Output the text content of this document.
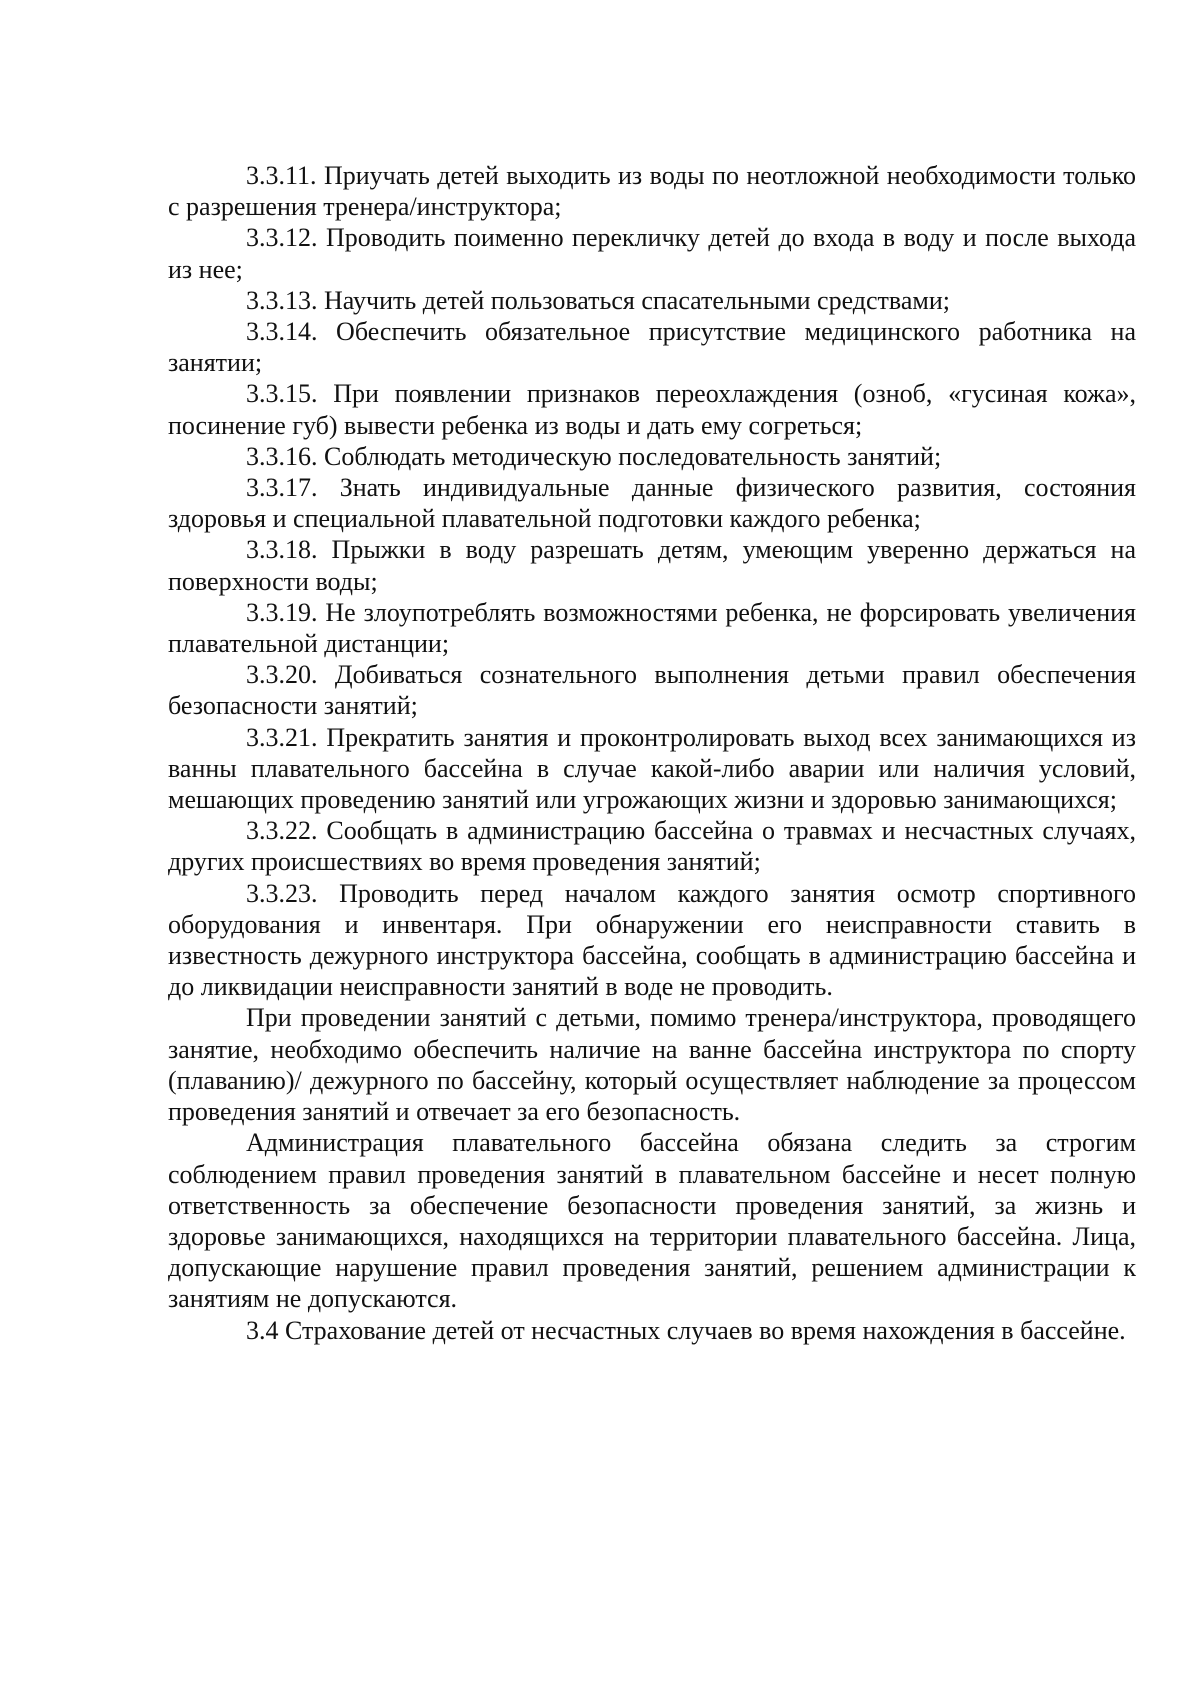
3.3.11. Приучать детей выходить из воды по неотложной необходимости только с разрешения тренера/инструктора;

3.3.12. Проводить поименно перекличку детей до входа в воду и после выхода из нее;

3.3.13. Научить детей пользоваться спасательными средствами;

3.3.14. Обеспечить обязательное присутствие медицинского работника на занятии;

3.3.15. При появлении признаков переохлаждения (озноб, «гусиная кожа», посинение губ) вывести ребенка из воды и дать ему согреться;

3.3.16. Соблюдать методическую последовательность занятий;

3.3.17. Знать индивидуальные данные физического развития, состояния здоровья и специальной плавательной подготовки каждого ребенка;

3.3.18. Прыжки в воду разрешать детям, умеющим уверенно держаться на поверхности воды;

3.3.19. Не злоупотреблять возможностями ребенка, не форсировать увеличения плавательной дистанции;

3.3.20. Добиваться сознательного выполнения детьми правил обеспечения безопасности занятий;

3.3.21. Прекратить занятия и проконтролировать выход всех занимающихся из ванны плавательного бассейна в случае какой-либо аварии или наличия условий, мешающих проведению занятий или угрожающих жизни и здоровью занимающихся;

3.3.22. Сообщать в администрацию бассейна о травмах и несчастных случаях, других происшествиях во время проведения занятий;

3.3.23. Проводить перед началом каждого занятия осмотр спортивного оборудования и инвентаря. При обнаружении его неисправности ставить в известность дежурного инструктора бассейна, сообщать в администрацию бассейна и до ликвидации неисправности занятий в воде не проводить.

При проведении занятий с детьми, помимо тренера/инструктора, проводящего занятие, необходимо обеспечить наличие на ванне бассейна инструктора по спорту (плаванию)/ дежурного по бассейну, который осуществляет наблюдение за процессом проведения занятий и отвечает за его безопасность.

Администрация плавательного бассейна обязана следить за строгим соблюдением правил проведения занятий в плавательном бассейне и несет полную ответственность за обеспечение безопасности проведения занятий, за жизнь и здоровье занимающихся, находящихся на территории плавательного бассейна. Лица, допускающие нарушение правил проведения занятий, решением администрации к занятиям не допускаются.

3.4 Страхование детей от несчастных случаев во время нахождения в бассейне.
